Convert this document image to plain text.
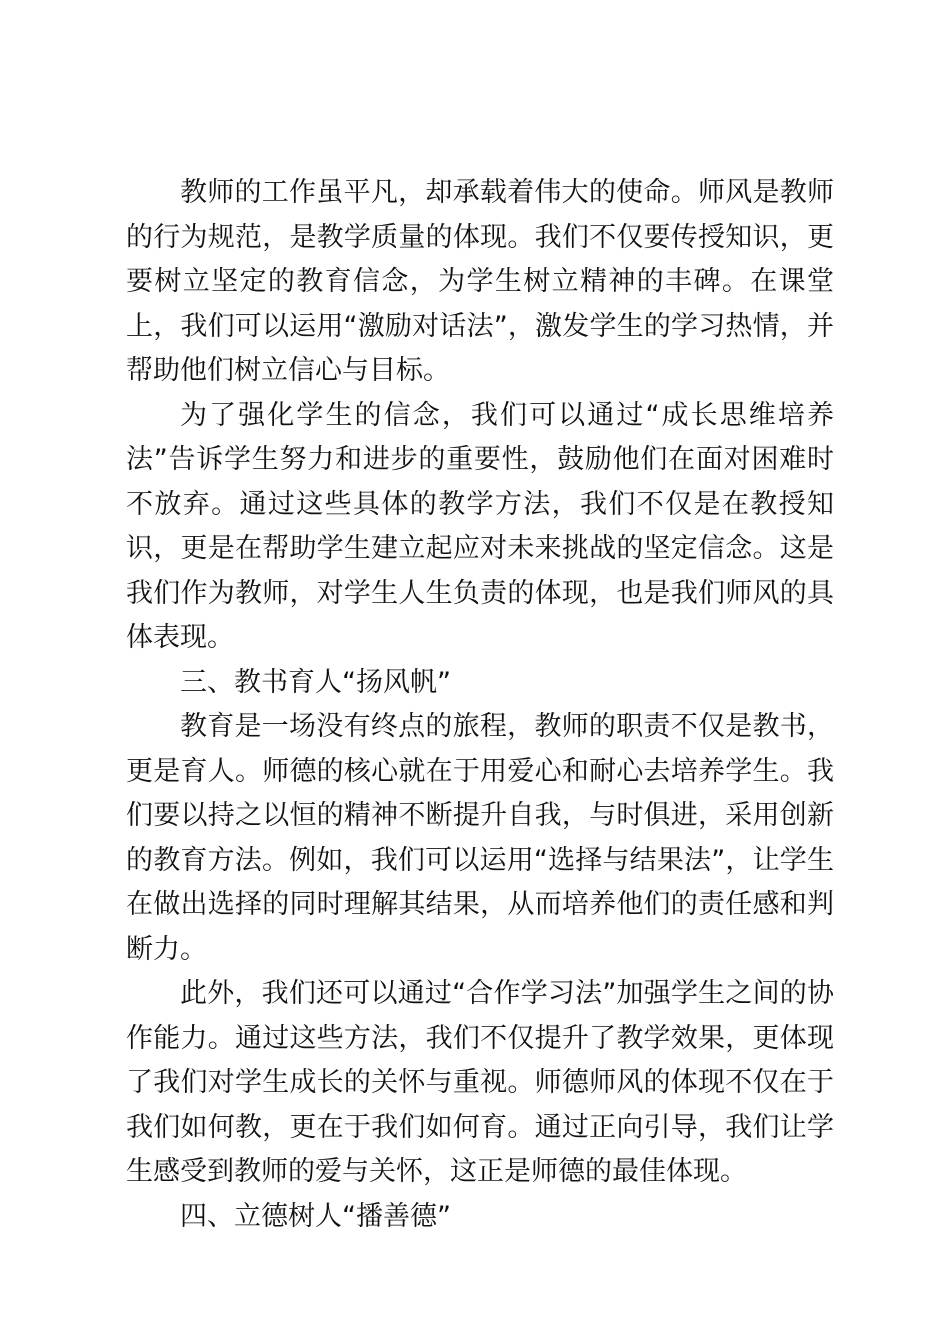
教师的工作虽平凡，却承载着伟大的使命。师风是教师的行为规范，是教学质量的体现。我们不仅要传授知识，更要树立坚定的教育信念，为学生树立精神的丰碑。在课堂上，我们可以运用“激励对话法”，激发学生的学习热情，并帮助他们树立信心与目标。

为了强化学生的信念，我们可以通过“成长思维培养法”告诉学生努力和进步的重要性，鼓励他们在面对困难时不放弃。通过这些具体的教学方法，我们不仅是在教授知识，更是在帮助学生建立起应对未来挑战的坚定信念。这是我们作为教师，对学生人生负责的体现，也是我们师风的具体表现。

三、教书育人“扬风帆”

教育是一场没有终点的旅程，教师的职责不仅是教书，更是育人。师德的核心就在于用爱心和耐心去培养学生。我们要以持之以恒的精神不断提升自我，与时俱进，采用创新的教育方法。例如，我们可以运用“选择与结果法”，让学生在做出选择的同时理解其结果，从而培养他们的责任感和判断力。

此外，我们还可以通过“合作学习法”加强学生之间的协作能力。通过这些方法，我们不仅提升了教学效果，更体现了我们对学生成长的关怀与重视。师德师风的体现不仅在于我们如何教，更在于我们如何育。通过正向引导，我们让学生感受到教师的爱与关怀，这正是师德的最佳体现。

四、立德树人“播善德”
